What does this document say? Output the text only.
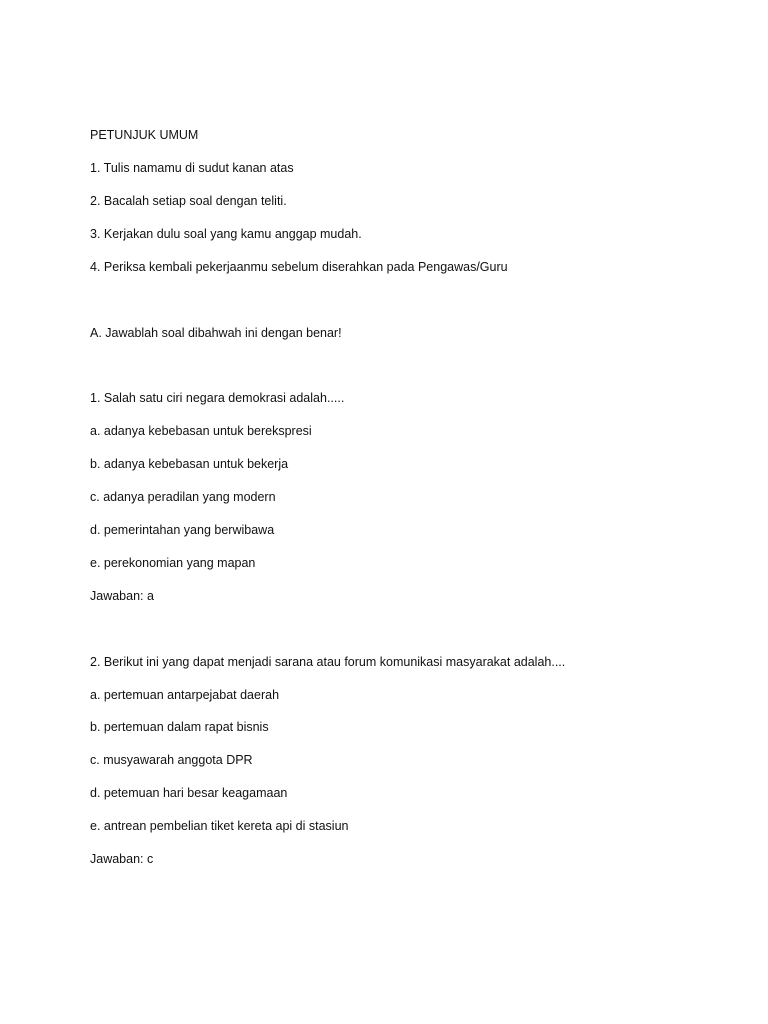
PETUNJUK UMUM
1. Tulis namamu di sudut kanan atas
2. Bacalah setiap soal dengan teliti.
3. Kerjakan dulu soal yang kamu anggap mudah.
4. Periksa kembali pekerjaanmu sebelum diserahkan pada Pengawas/Guru
A. Jawablah soal dibahwah ini dengan benar!
1. Salah satu ciri negara demokrasi adalah.....
a. adanya kebebasan untuk berekspresi
b. adanya kebebasan untuk bekerja
c. adanya peradilan yang modern
d. pemerintahan yang berwibawa
e. perekonomian yang mapan
Jawaban: a
2. Berikut ini yang dapat menjadi sarana atau forum komunikasi masyarakat adalah....
a. pertemuan antarpejabat daerah
b. pertemuan dalam rapat bisnis
c. musyawarah anggota DPR
d. petemuan hari besar keagamaan
e. antrean pembelian tiket kereta api di stasiun
Jawaban: c
